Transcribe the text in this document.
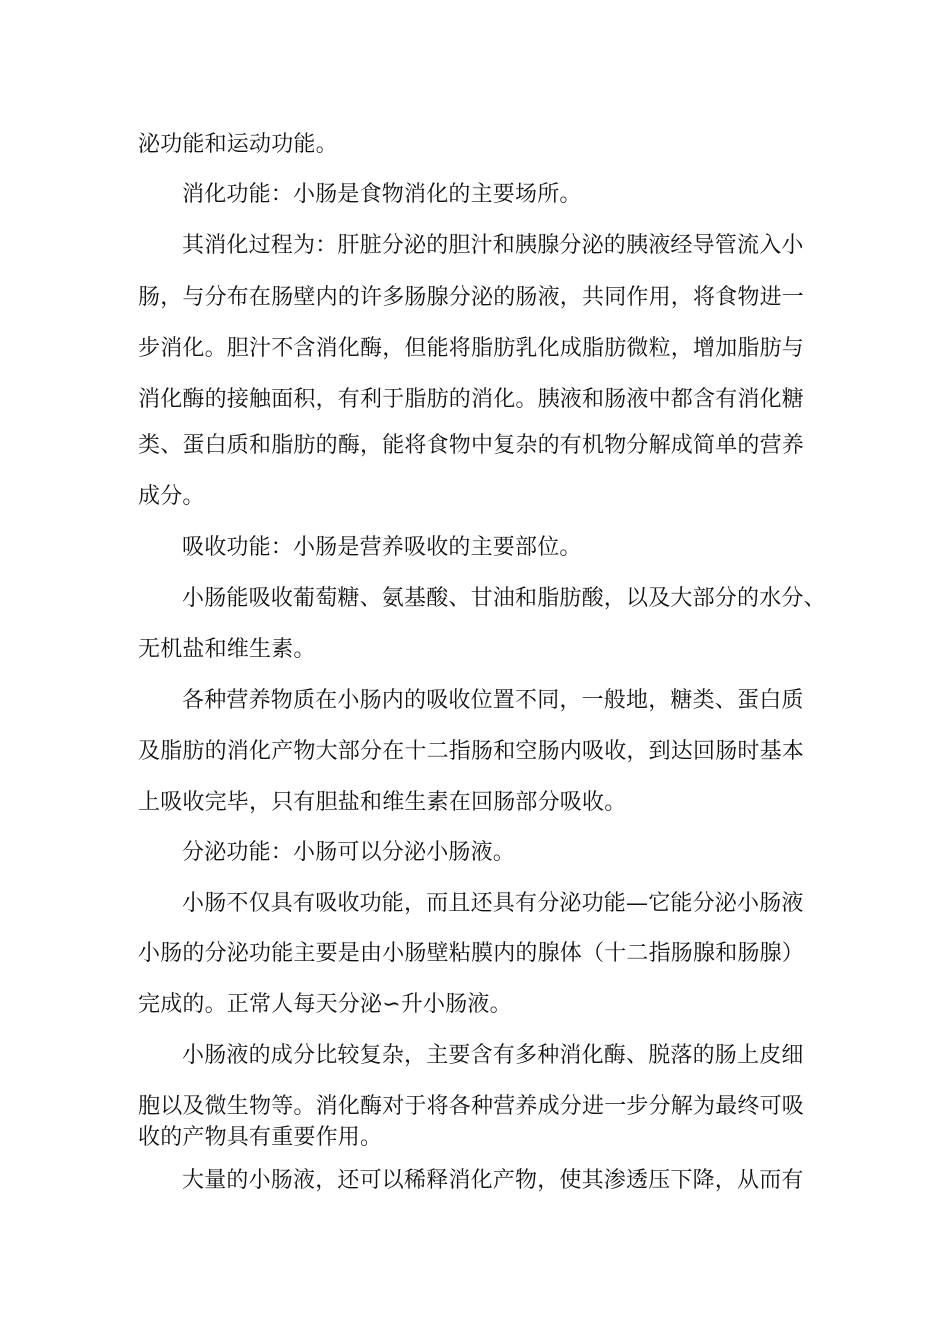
泌功能和运动功能。
消化功能：小肠是食物消化的主要场所。
其消化过程为：肝脏分泌的胆汁和胰腺分泌的胰液经导管流入小
肠，与分布在肠壁内的许多肠腺分泌的肠液，共同作用，将食物进一
步消化。胆汁不含消化酶，但能将脂肪乳化成脂肪微粒，增加脂肪与
消化酶的接触面积，有利于脂肪的消化。胰液和肠液中都含有消化糖
类、蛋白质和脂肪的酶，能将食物中复杂的有机物分解成简单的营养
成分。
吸收功能：小肠是营养吸收的主要部位。
小肠能吸收葡萄糖、氨基酸、甘油和脂肪酸，以及大部分的水分、
无机盐和维生素。
各种营养物质在小肠内的吸收位置不同，一般地，糖类、蛋白质
及脂肪的消化产物大部分在十二指肠和空肠内吸收，到达回肠时基本
上吸收完毕，只有胆盐和维生素在回肠部分吸收。
分泌功能：小肠可以分泌小肠液。
小肠不仅具有吸收功能，而且还具有分泌功能—它能分泌小肠液
小肠的分泌功能主要是由小肠壁粘膜内的腺体（十二指肠腺和肠腺）
完成的。正常人每天分泌∽升小肠液。
小肠液的成分比较复杂，主要含有多种消化酶、脱落的肠上皮细
胞以及微生物等。消化酶对于将各种营养成分进一步分解为最终可吸
收的产物具有重要作用。
大量的小肠液，还可以稀释消化产物，使其渗透压下降，从而有
